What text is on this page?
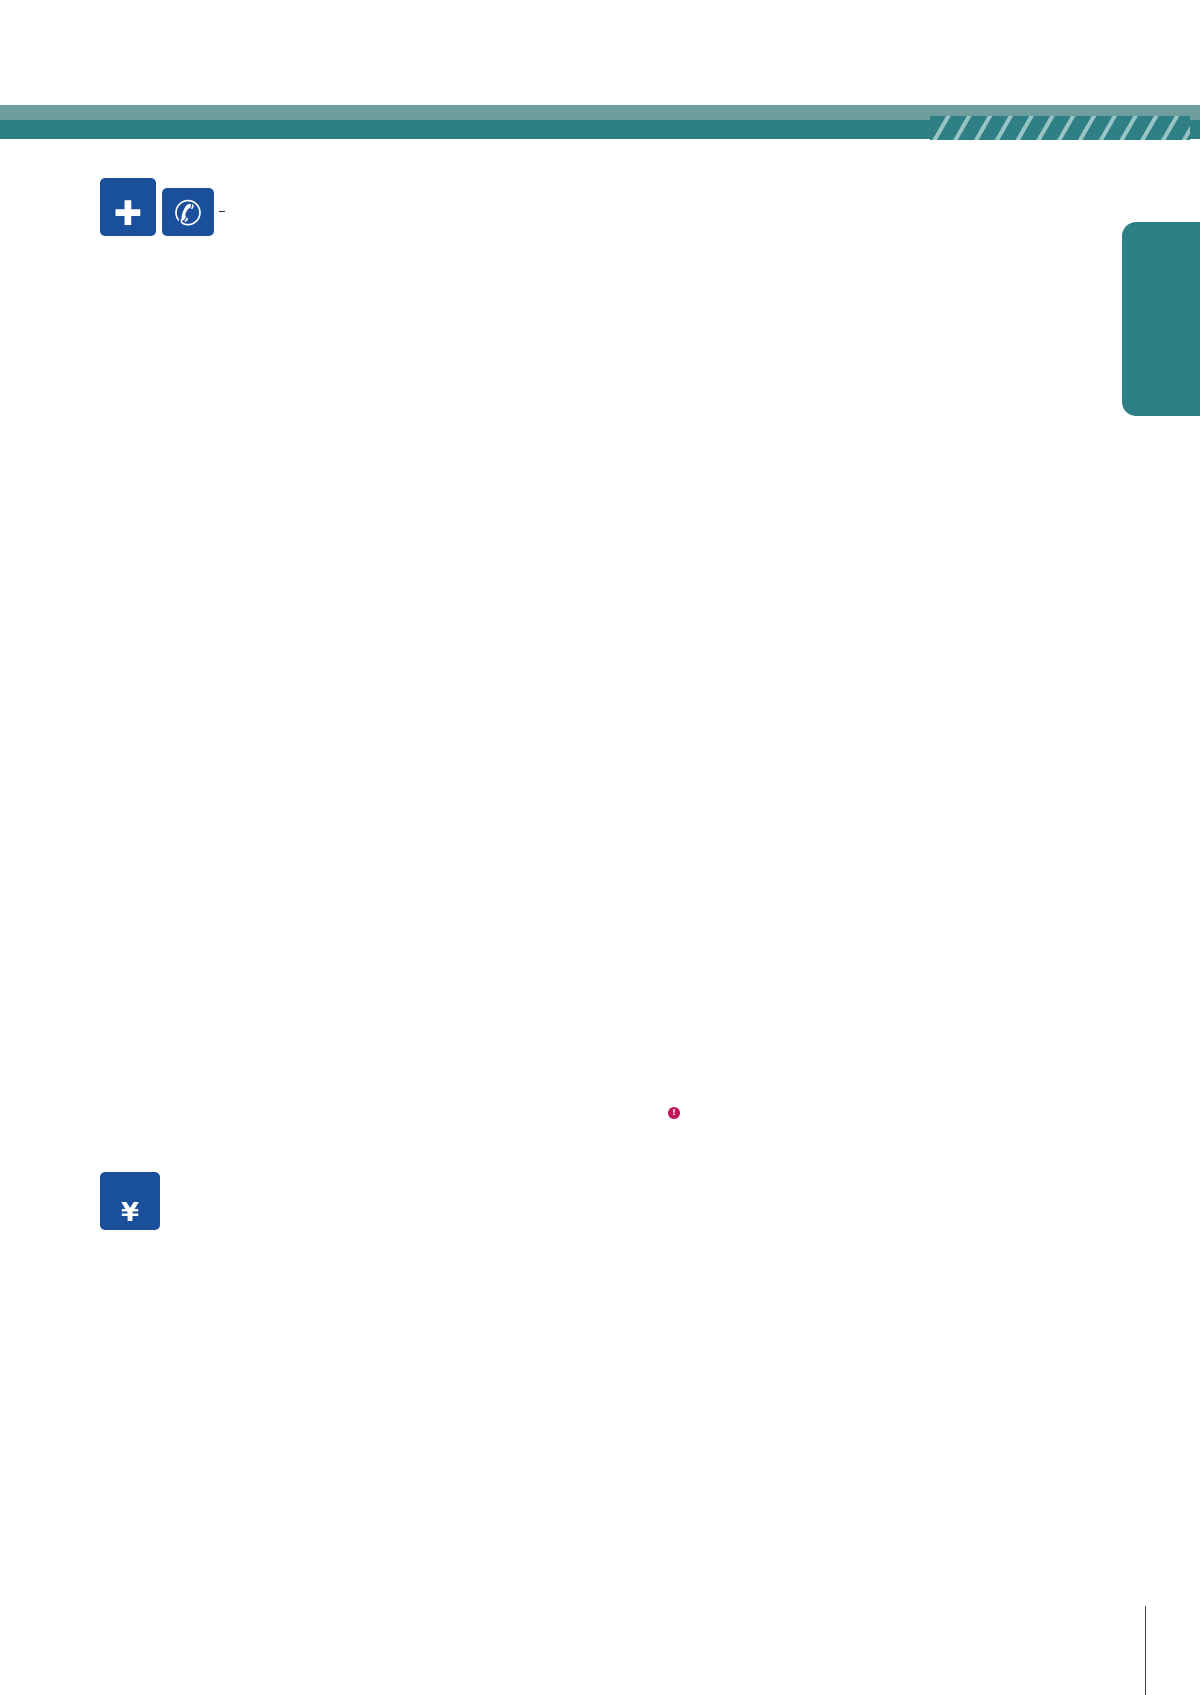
✚ ✆

!
¥
